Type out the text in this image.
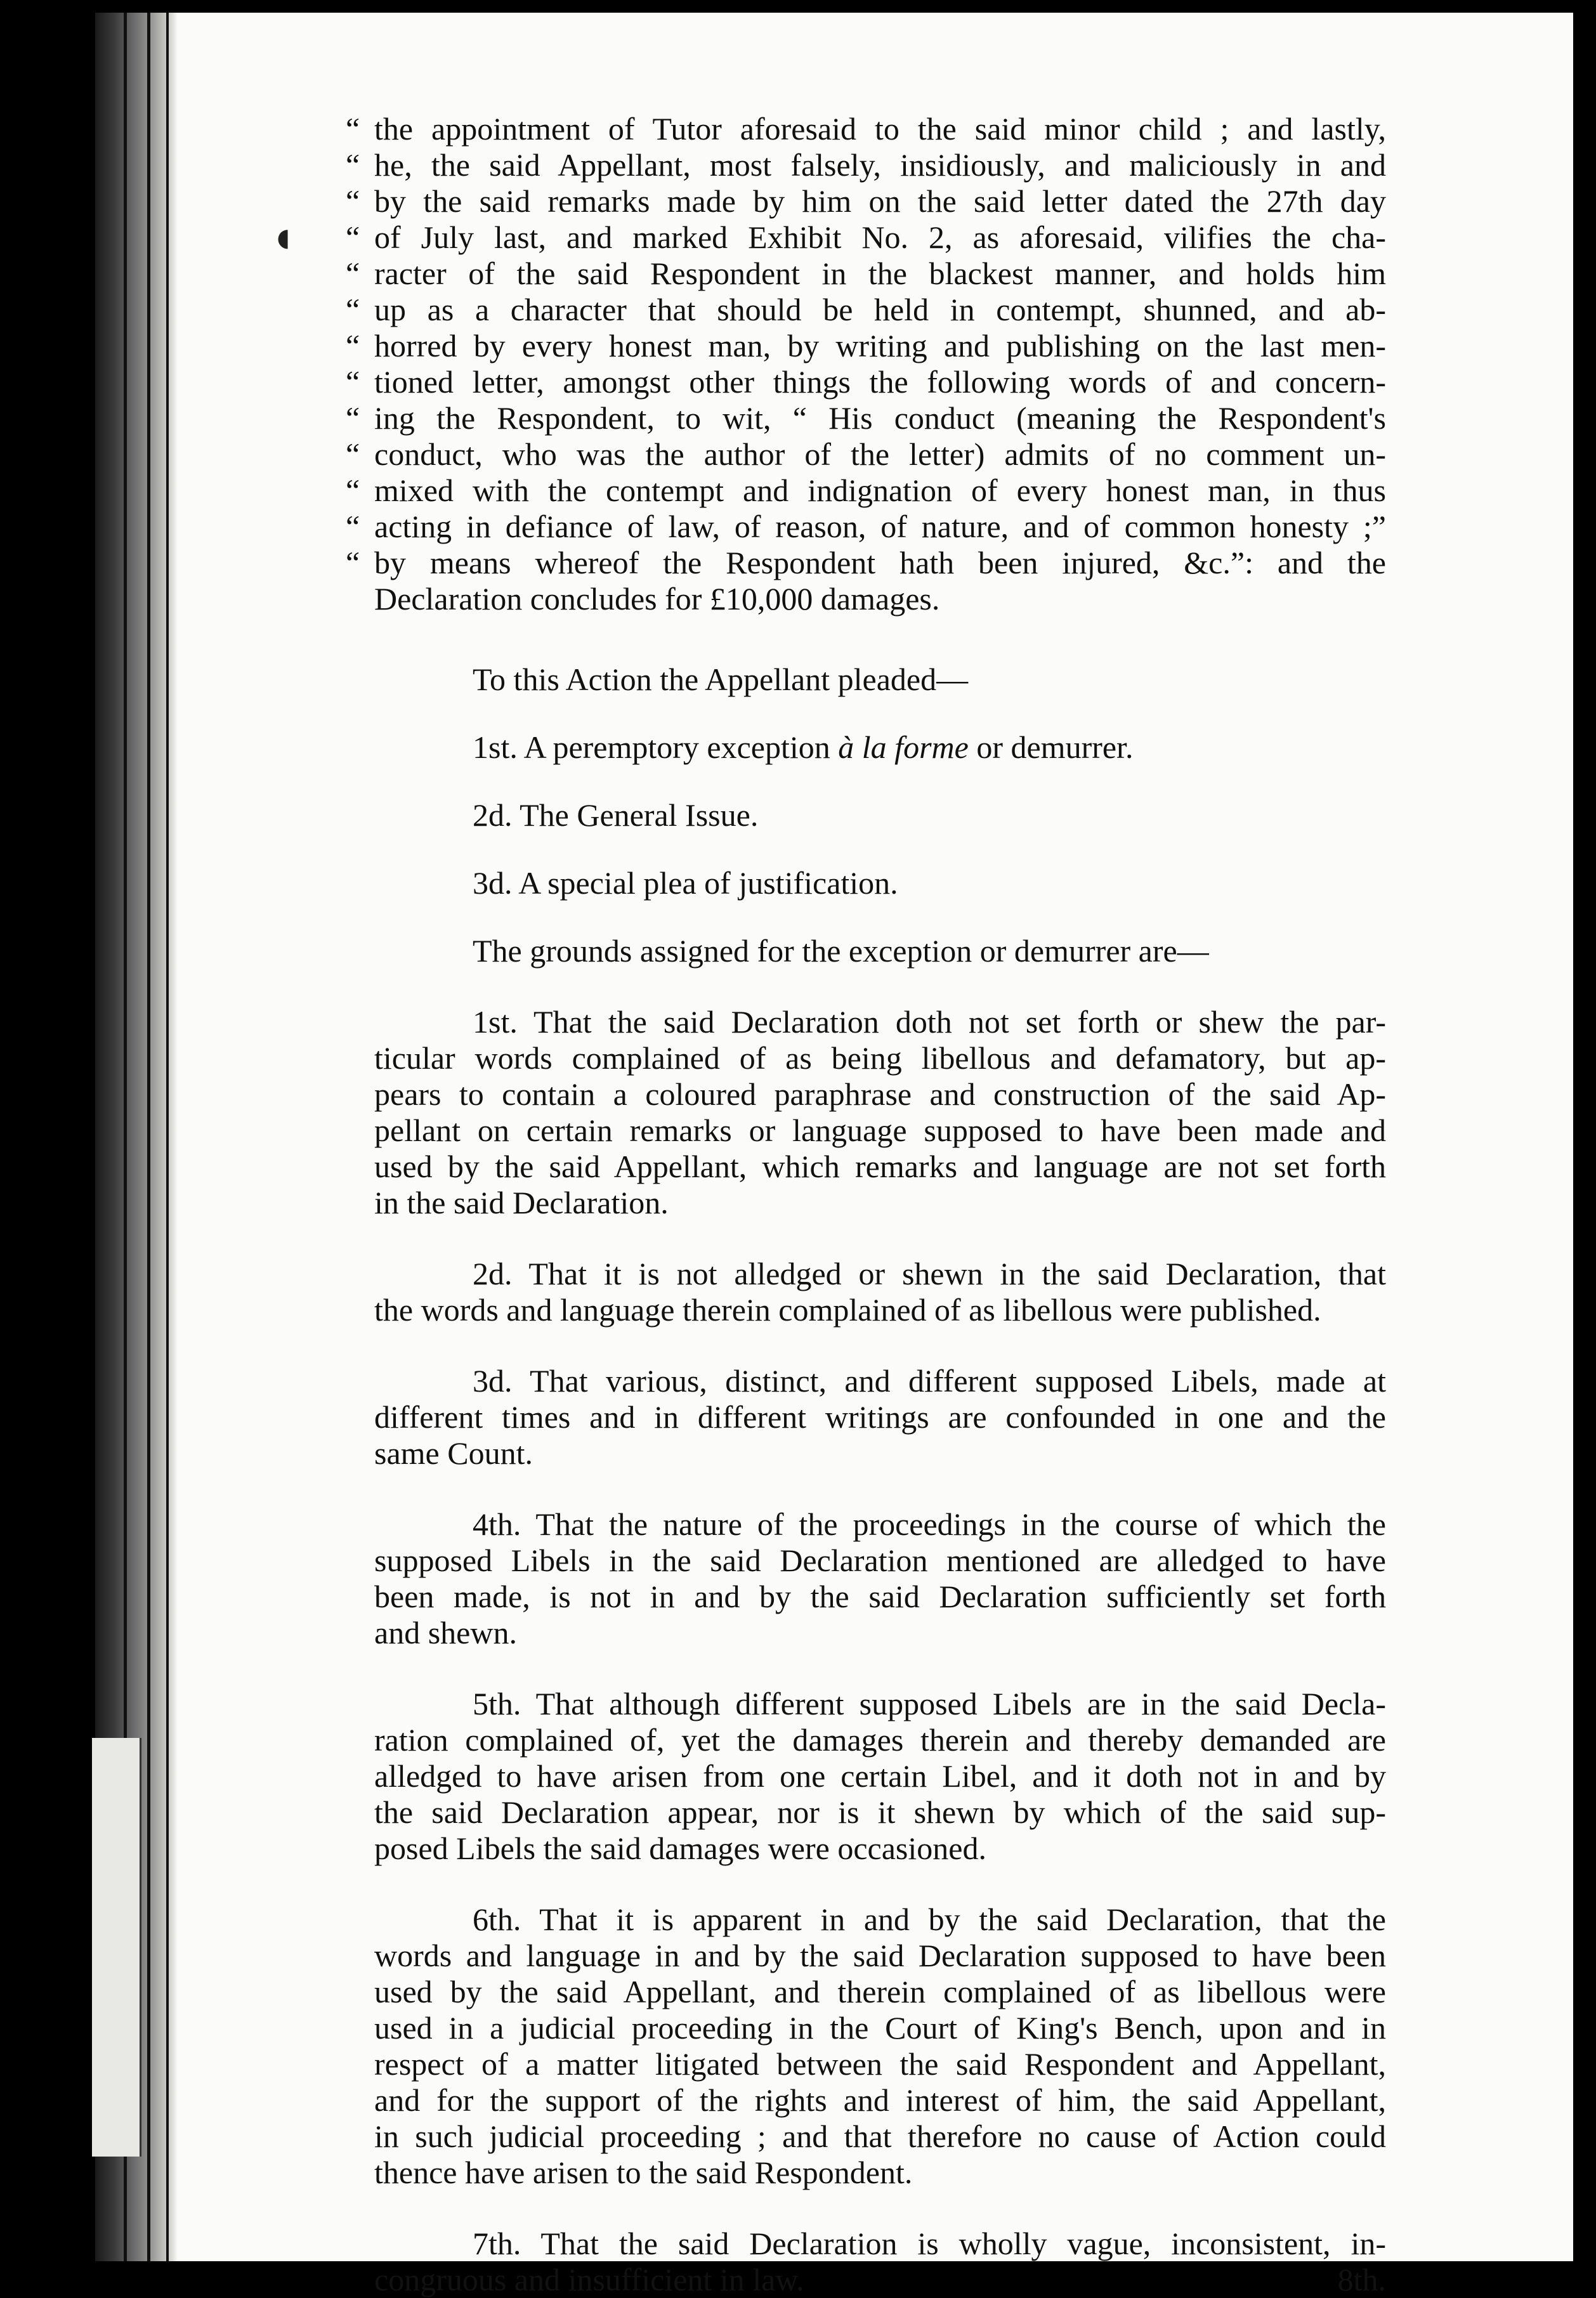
◖
“ the appointment of Tutor aforesaid to the said minor child ; and lastly,
“ he, the said Appellant, most falsely, insidiously, and maliciously in and
“ by the said remarks made by him on the said letter dated the 27th day
“ of July last, and marked Exhibit No. 2, as aforesaid, vilifies the cha-
“ racter of the said Respondent in the blackest manner, and holds him
“ up as a character that should be held in contempt, shunned, and ab-
“ horred by every honest man, by writing and publishing on the last men-
“ tioned letter, amongst other things the following words of and concern-
“ ing the Respondent, to wit, “ His conduct (meaning the Respondent's
“ conduct, who was the author of the letter) admits of no comment un-
“ mixed with the contempt and indignation of every honest man, in thus
“ acting in defiance of law, of reason, of nature, and of common honesty ;”
“ by means whereof the Respondent hath been injured, &c.”: and the
Declaration concludes for £10,000 damages.
To this Action the Appellant pleaded—
1st. A peremptory exception à la forme or demurrer.
2d. The General Issue.
3d. A special plea of justification.
The grounds assigned for the exception or demurrer are—
1st. That the said Declaration doth not set forth or shew the par-
ticular words complained of as being libellous and defamatory, but ap-
pears to contain a coloured paraphrase and construction of the said Ap-
pellant on certain remarks or language supposed to have been made and
used by the said Appellant, which remarks and language are not set forth
in the said Declaration.
2d. That it is not alledged or shewn in the said Declaration, that
the words and language therein complained of as libellous were published.
3d. That various, distinct, and different supposed Libels, made at
different times and in different writings are confounded in one and the
same Count.
4th. That the nature of the proceedings in the course of which the
supposed Libels in the said Declaration mentioned are alledged to have
been made, is not in and by the said Declaration sufficiently set forth
and shewn.
5th. That although different supposed Libels are in the said Decla-
ration complained of, yet the damages therein and thereby demanded are
alledged to have arisen from one certain Libel, and it doth not in and by
the said Declaration appear, nor is it shewn by which of the said sup-
posed Libels the said damages were occasioned.
6th. That it is apparent in and by the said Declaration, that the
words and language in and by the said Declaration supposed to have been
used by the said Appellant, and therein complained of as libellous were
used in a judicial proceeding in the Court of King's Bench, upon and in
respect of a matter litigated between the said Respondent and Appellant,
and for the support of the rights and interest of him, the said Appellant,
in such judicial proceeding ; and that therefore no cause of Action could
thence have arisen to the said Respondent.
7th. That the said Declaration is wholly vague, inconsistent, in-
congruous and insufficient in law.	8th.
